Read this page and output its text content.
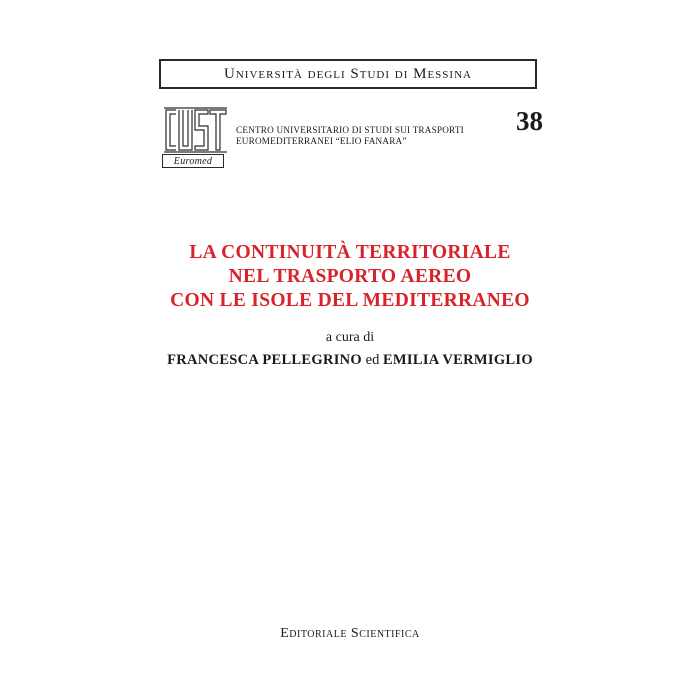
Università degli Studi di Messina
Euromed
CENTRO UNIVERSITARIO DI STUDI SUI TRASPORTI
EUROMEDITERRANEI “ELIO FANARA”
38
LA CONTINUITÀ TERRITORIALE
NEL TRASPORTO AEREO
CON LE ISOLE DEL MEDITERRANEO
a cura di
FRANCESCA PELLEGRINO ed EMILIA VERMIGLIO
Editoriale Scientifica
